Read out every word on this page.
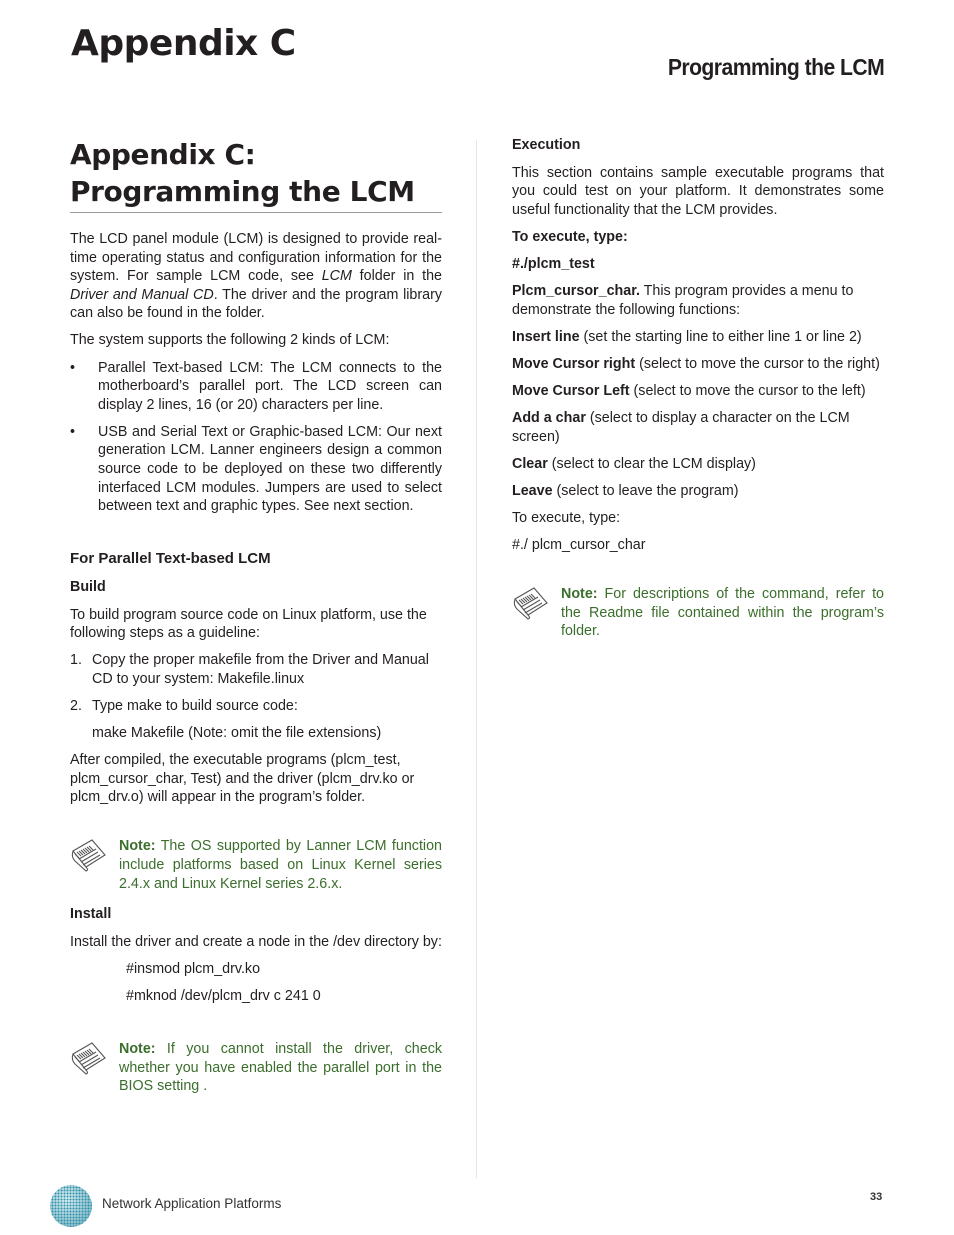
Appendix C
Programming the LCM
Appendix C:
Programming the LCM

The LCD panel module (LCM) is designed to provide real-time operating status and configuration information for the system. For sample LCM code, see LCM folder in the Driver and Manual CD. The driver and the program library can also be found in the folder.

The system supports the following 2 kinds of LCM:

• Parallel Text-based LCM: The LCM connects to the motherboard’s parallel port. The LCD screen can display 2 lines, 16 (or 20) characters per line.
• USB and Serial Text or Graphic-based LCM: Our next generation LCM. Lanner engineers design a common source code to be deployed on these two differently interfaced LCM modules. Jumpers are used to select between text and graphic types. See next section.
For Parallel Text-based LCM
Build

To build program source code on Linux platform, use the following steps as a guideline:

1. Copy the proper makefile from the Driver and Manual CD to your system: Makefile.linux
2. Type make to build source code:

make Makefile (Note: omit the file extensions)

After compiled, the executable programs (plcm_test, plcm_cursor_char, Test) and the driver (plcm_drv.ko or plcm_drv.o) will appear in the program’s folder.

Note: The OS supported by Lanner LCM function include platforms based on Linux Kernel series 2.4.x and Linux Kernel series 2.6.x.
Install

Install the driver and create a node in the /dev directory by:

#insmod plcm_drv.ko

#mknod /dev/plcm_drv c 241 0

Note: If you cannot install the driver, check whether you have enabled the parallel port in the BIOS setting .
Execution

This section contains sample executable programs that you could test on your platform. It demonstrates some useful functionality that the LCM provides.

To execute, type:

#./plcm_test

Plcm_cursor_char. This program provides a menu to demonstrate the following functions:

Insert line (set the starting line to either line 1 or line 2)

Move Cursor right (select to move the cursor to the right)

Move Cursor Left (select to move the cursor to the left)

Add a char (select to display a character on the LCM screen)

Clear (select to clear the LCM display)

Leave (select to leave the program)

To execute, type:

#./ plcm_cursor_char

Note: For descriptions of the command, refer to the Readme file contained within the program’s folder.
Network Application Platforms	33
